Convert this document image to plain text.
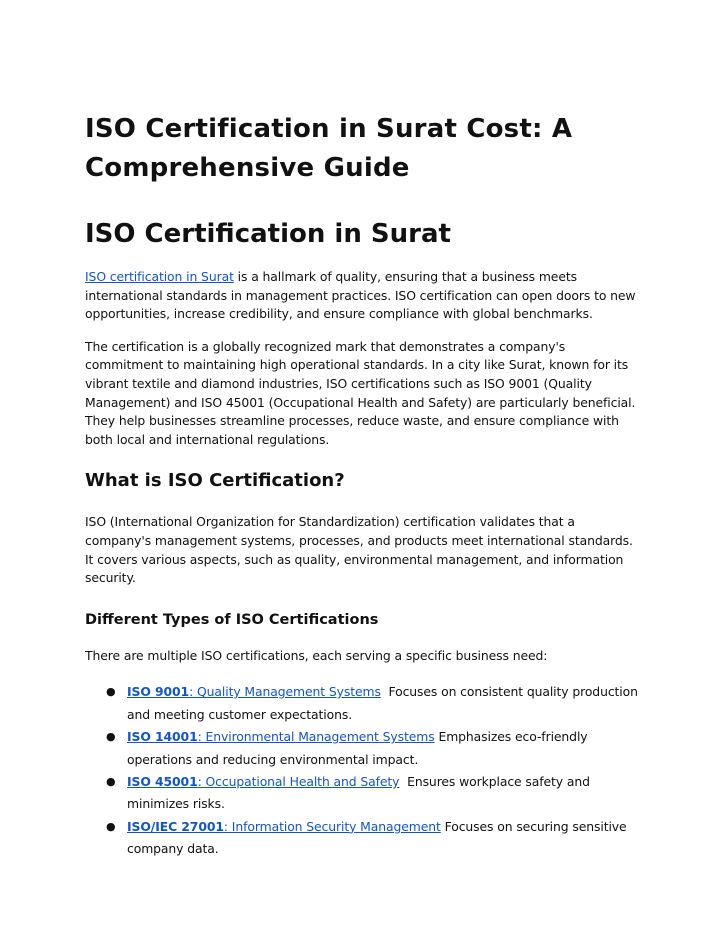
ISO Certification in Surat Cost: A Comprehensive Guide
ISO Certification in Surat

ISO certification in Surat is a hallmark of quality, ensuring that a business meets international standards in management practices. ISO certification can open doors to new opportunities, increase credibility, and ensure compliance with global benchmarks.

The certification is a globally recognized mark that demonstrates a company's commitment to maintaining high operational standards. In a city like Surat, known for its vibrant textile and diamond industries, ISO certifications such as ISO 9001 (Quality Management) and ISO 45001 (Occupational Health and Safety) are particularly beneficial. They help businesses streamline processes, reduce waste, and ensure compliance with both local and international regulations.

What is ISO Certification?

ISO (International Organization for Standardization) certification validates that a company's management systems, processes, and products meet international standards. It covers various aspects, such as quality, environmental management, and information security.

Different Types of ISO Certifications

There are multiple ISO certifications, each serving a specific business need:

● ISO 9001: Quality Management Systems  Focuses on consistent quality production and meeting customer expectations.
● ISO 14001: Environmental Management Systems Emphasizes eco-friendly operations and reducing environmental impact.
● ISO 45001: Occupational Health and Safety  Ensures workplace safety and minimizes risks.
● ISO/IEC 27001: Information Security Management Focuses on securing sensitive company data.
